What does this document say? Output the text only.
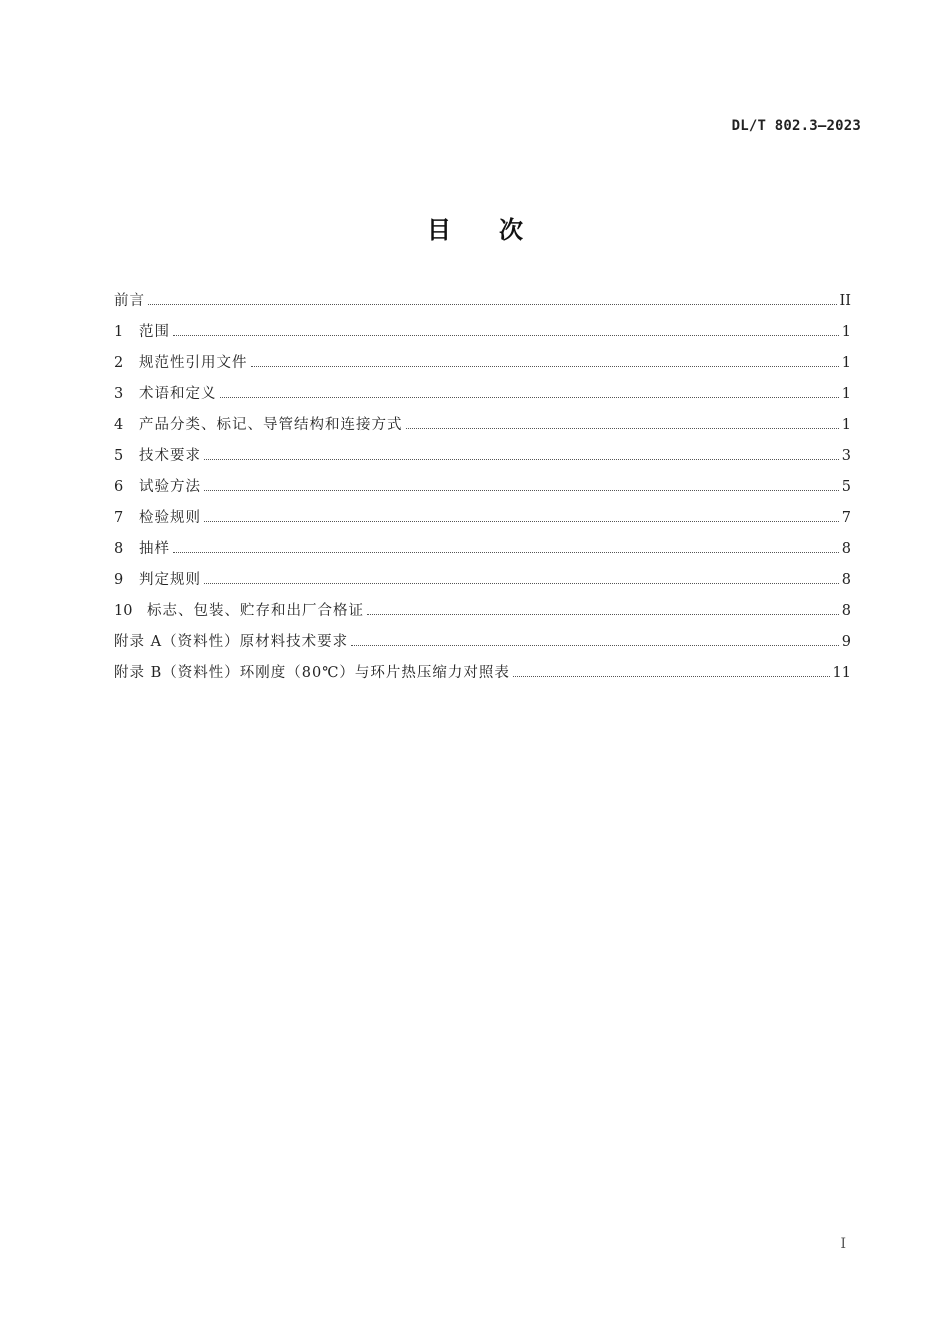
DL/T 802.3—2023
目次
前言	II
1	范围	1
2	规范性引用文件	1
3	术语和定义	1
4	产品分类、标记、导管结构和连接方式	1
5	技术要求	3
6	试验方法	5
7	检验规则	7
8	抽样	8
9	判定规则	8
10	标志、包装、贮存和出厂合格证	8
附录 A（资料性）原材料技术要求	9
附录 B（资料性）环刚度（80℃）与环片热压缩力对照表	11
I
